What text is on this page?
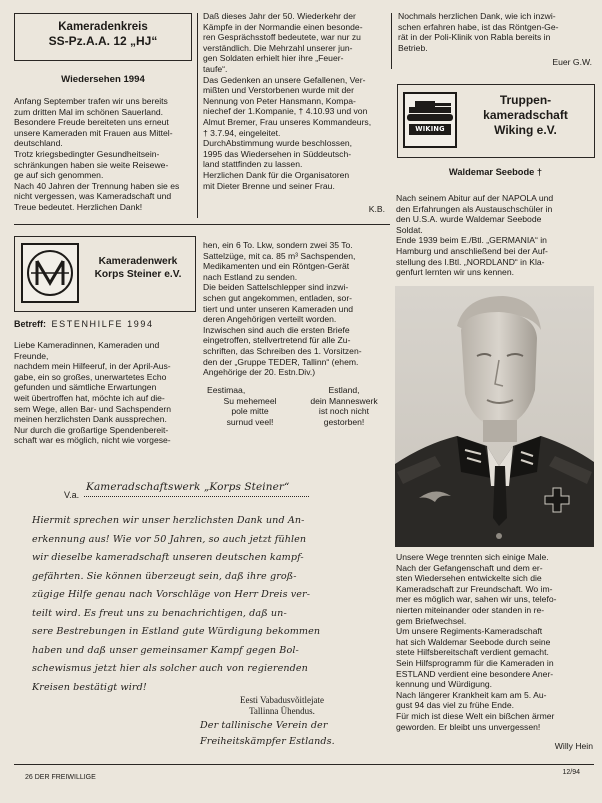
Kameradenkreis
SS-Pz.A.A. 12 „HJ“
Wiedersehen 1994

Anfang September trafen wir uns bereits

zum dritten Mal im schönen Sauerland.

Besondere Freude bereiteten uns erneut

unsere Kameraden mit Frauen aus Mittel-

deutschland.

Trotz kriegsbedingter Gesundheitsein-

schränkungen haben sie weite Reisewe-

ge auf sich genommen.

Nach 40 Jahren der Trennung haben sie es

nicht vergessen, was Kameradschaft und

Treue bedeutet. Herzlichen Dank!

Daß dieses Jahr der 50. Wiederkehr der

Kämpfe in der Normandie einen besonde-

ren Gesprächsstoff bedeutete, war nur zu

verständlich. Die Mehrzahl unserer jun-

gen Soldaten erhielt hier ihre „Feuer-

taufe“.

Das Gedenken an unsere Gefallenen, Ver-

mißten und Verstorbenen wurde mit der

Nennung von Peter Hansmann, Kompa-

niechef der 1.Kompanie, † 4.10.93 und von

Almut Bremer, Frau unseres Kommandeurs,

† 3.7.94, eingeleitet.

DurchAbstimmung wurde beschlossen,

1995 das Wiedersehen in Süddeutsch-

land stattfinden zu lassen.

Herzlichen Dank für die Organisatoren

mit Dieter Brenne und seiner Frau.

K.B.

Nochmals herzlichen Dank, wie ich inzwi-

schen erfahren habe, ist das Röntgen-Ge-

rät in der Poli-Klinik von Rabla bereits in

Betrieb.

Euer G.W.
WIKING
Truppen-
kameradschaft
Wiking e.V.
Waldemar Seebode †

Nach seinem Abitur auf der NAPOLA und

den Erfahrungen als Austauschschüler in

den U.S.A. wurde Waldemar Seebode

Soldat.

Ende 1939 beim E./Btl. „GERMANIA“ in

Hamburg und anschließend bei der Auf-

stellung des I.Btl. „NORDLAND“ in Kla-

genfurt lernten wir uns kennen.

Unsere Wege trennten sich einige Male.

Nach der Gefangenschaft und dem er-

sten Wiedersehen entwickelte sich die

Kameradschaft zur Freundschaft. Wo im-

mer es möglich war, sahen wir uns, telefo-

nierten miteinander oder standen in re-

gem Briefwechsel.

Um unsere Regiments-Kameradschaft

hat sich Waldemar Seebode durch seine

stete Hilfsbereitschaft verdient gemacht.

Sein Hilfsprogramm für die Kameraden in

ESTLAND verdient eine besondere Aner-

kennung und Würdigung.

Nach längerer Krankheit kam am 5. Au-

gust 94 das viel zu frühe Ende.

Für mich ist diese Welt ein bißchen ärmer

geworden. Er bleibt uns unvergessen!

Willy Hein
Kameradenwerk
Korps Steiner e.V.
Betreff: ESTENHILFE 1994

Liebe Kameradinnen, Kameraden und

Freunde,

nachdem mein Hilfeeruf, in der April-Aus-

gabe, ein so großes, unerwartetes Echo

gefunden und sämtliche Erwartungen

weit übertroffen hat, möchte ich auf die-

sem Wege, allen Bar- und Sachspendern

meinen herzlichsten Dank aussprechen.

Nur durch die großartige Spendenbereit-

schaft war es möglich, nicht wie vorgese-

hen, ein 6 To. Lkw, sondern zwei 35 To.

Sattelzüge, mit ca. 85 m³ Sachspenden,

Medikamenten und ein Röntgen-Gerät

nach Estland zu senden.

Die beiden Sattelschlepper sind inzwi-

schen gut angekommen, entladen, sor-

tiert und unter unseren Kameraden und

deren Angehörigen verteilt worden.

Inzwischen sind auch die ersten Briefe

eingetroffen, stellvertretend für alle Zu-

schriften, das Schreiben des 1. Vorsitzen-

den der „Gruppe TEDER, Tallinn“ (ehem.

Angehörige der 20. Estn.Div.)

Eestimaa,

Su mehemeel

pole mitte

surnud veel!

Estland,

dein Manneswerk

ist noch nicht

gestorben!

V.a.
Kameradschaftswerk „Korps Steiner“
Hiermit sprechen wir unser herzlichsten Dank und An-
erkennung aus! Wie vor 50 Jahren, so auch jetzt fühlen
wir dieselbe kameradschaft unseren deutschen kampf-
gefährten. Sie können überzeugt sein, daß ihre groß-
zügige Hilfe genau nach Vorschläge von Herr Dreis ver-
teilt wird. Es freut uns zu benachrichtigen, daß un-
sere Bestrebungen in Estland gute Würdigung bekommen
haben und daß unser gemeinsamer Kampf gegen Bol-
schewismus jetzt hier als solcher auch von regierenden
Kreisen bestätigt wird!
Eesti Vabadusvõitlejate
Tallinna Ühendus.
Der tallinische Verein der
Freiheitskämpfer Estlands.
26 DER FREIWILLIGE
12/94
